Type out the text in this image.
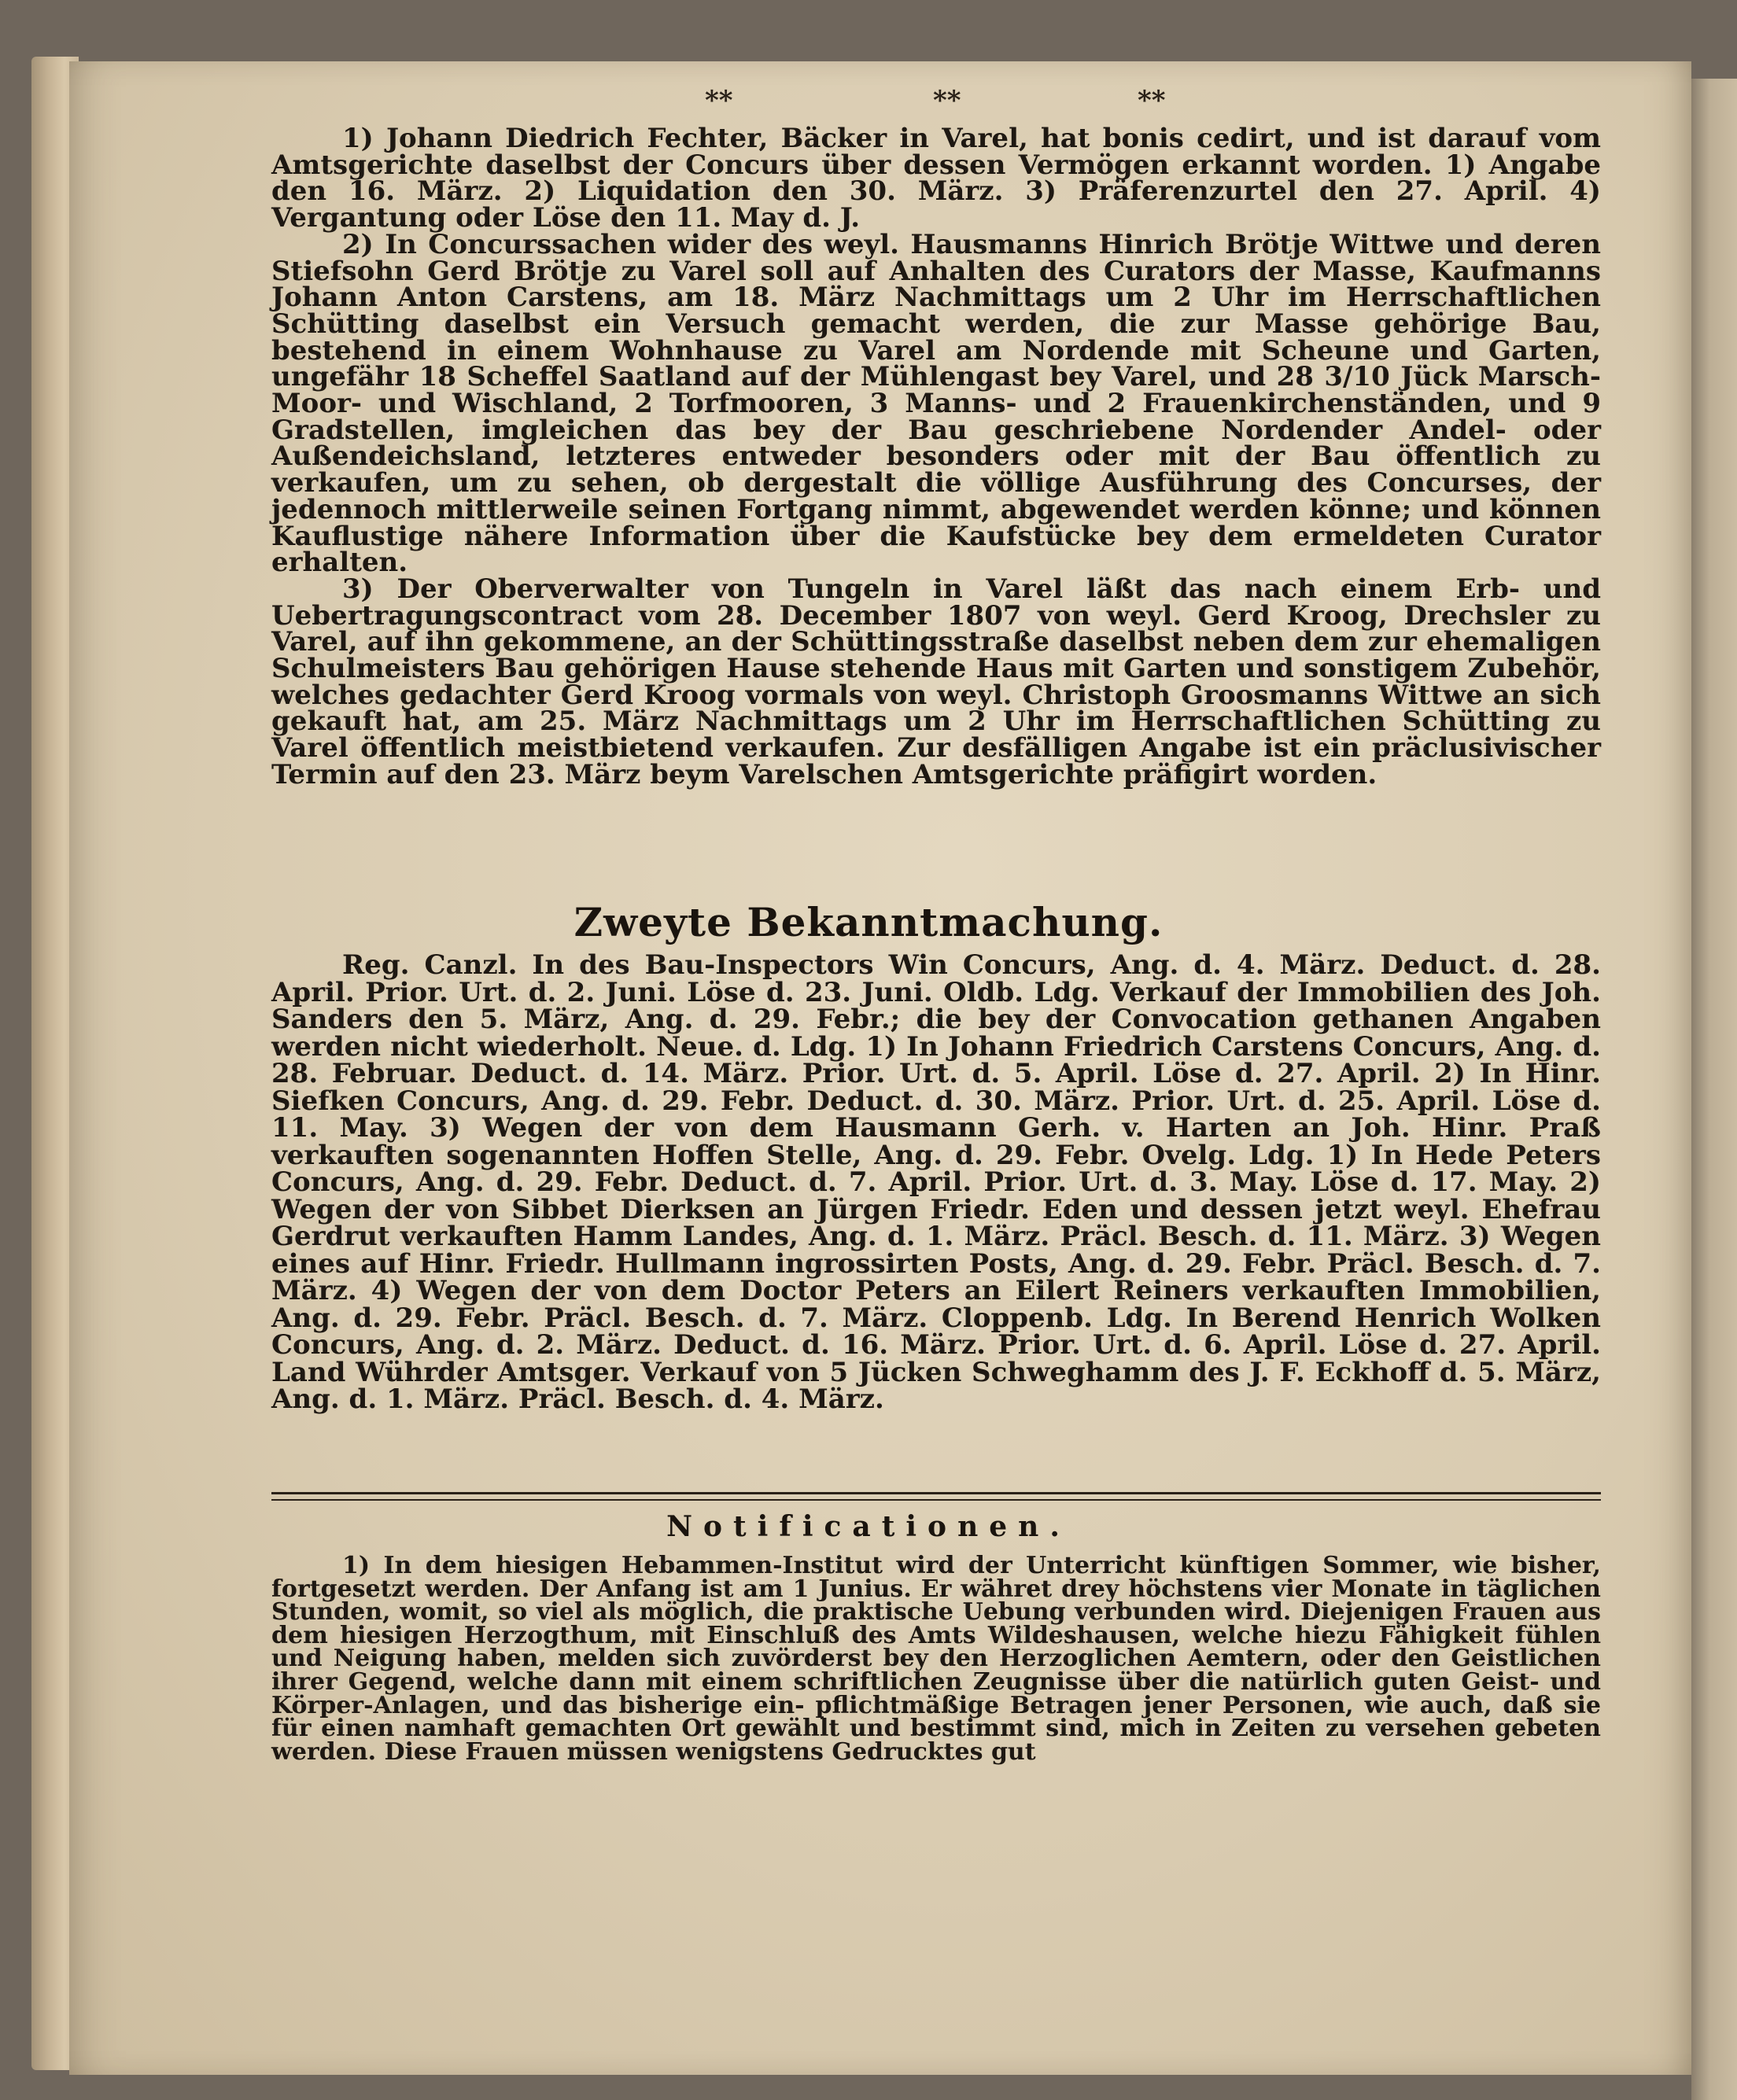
**	**	**

1) Johann Diedrich Fechter, Bäcker in Varel, hat bonis cedirt, und ist darauf vom Amtsgerichte daselbst der Concurs über dessen Vermögen erkannt worden. 1) Angabe den 16. März. 2) Liquidation den 30. März. 3) Präferenzurtel den 27. April. 4) Vergantung oder Löse den 11. May d. J.

2) In Concurssachen wider des weyl. Hausmanns Hinrich Brötje Wittwe und deren Stiefsohn Gerd Brötje zu Varel soll auf Anhalten des Curators der Masse, Kaufmanns Johann Anton Carstens, am 18. März Nachmittags um 2 Uhr im Herrschaftlichen Schütting daselbst ein Versuch gemacht werden, die zur Masse gehörige Bau, bestehend in einem Wohnhause zu Varel am Nordende mit Scheune und Garten, ungefähr 18 Scheffel Saatland auf der Mühlengast bey Varel, und 28 3/10 Jück Marsch- Moor- und Wischland, 2 Torfmooren, 3 Manns- und 2 Frauenkirchenständen, und 9 Gradstellen, imgleichen das bey der Bau geschriebene Nordender Andel- oder Außendeichsland, letzteres entweder besonders oder mit der Bau öffentlich zu verkaufen, um zu sehen, ob dergestalt die völlige Ausführung des Concurses, der jedennoch mittlerweile seinen Fortgang nimmt, abgewendet werden könne; und können Kauflustige nähere Information über die Kaufstücke bey dem ermeldeten Curator erhalten.

3) Der Oberverwalter von Tungeln in Varel läßt das nach einem Erb- und Uebertragungscontract vom 28. December 1807 von weyl. Gerd Kroog, Drechsler zu Varel, auf ihn gekommene, an der Schüttingsstraße daselbst neben dem zur ehemaligen Schulmeisters Bau gehörigen Hause stehende Haus mit Garten und sonstigem Zubehör, welches gedachter Gerd Kroog vormals von weyl. Christoph Groosmanns Wittwe an sich gekauft hat, am 25. März Nachmittags um 2 Uhr im Herrschaftlichen Schütting zu Varel öffentlich meistbietend verkaufen. Zur desfälligen Angabe ist ein präclusivischer Termin auf den 23. März beym Varelschen Amtsgerichte präfigirt worden.

Zweyte Bekanntmachung.

Reg. Canzl. In des Bau-Inspectors Win Concurs, Ang. d. 4. März. Deduct. d. 28. April. Prior. Urt. d. 2. Juni. Löse d. 23. Juni. Oldb. Ldg. Verkauf der Immobilien des Joh. Sanders den 5. März, Ang. d. 29. Febr.; die bey der Convocation gethanen Angaben werden nicht wiederholt. Neue. d. Ldg. 1) In Johann Friedrich Carstens Concurs, Ang. d. 28. Februar. Deduct. d. 14. März. Prior. Urt. d. 5. April. Löse d. 27. April. 2) In Hinr. Siefken Concurs, Ang. d. 29. Febr. Deduct. d. 30. März. Prior. Urt. d. 25. April. Löse d. 11. May. 3) Wegen der von dem Hausmann Gerh. v. Harten an Joh. Hinr. Praß verkauften sogenannten Hoffen Stelle, Ang. d. 29. Febr. Ovelg. Ldg. 1) In Hede Peters Concurs, Ang. d. 29. Febr. Deduct. d. 7. April. Prior. Urt. d. 3. May. Löse d. 17. May. 2) Wegen der von Sibbet Dierksen an Jürgen Friedr. Eden und dessen jetzt weyl. Ehefrau Gerdrut verkauften Hamm Landes, Ang. d. 1. März. Präcl. Besch. d. 11. März. 3) Wegen eines auf Hinr. Friedr. Hullmann ingrossirten Posts, Ang. d. 29. Febr. Präcl. Besch. d. 7. März. 4) Wegen der von dem Doctor Peters an Eilert Reiners verkauften Immobilien, Ang. d. 29. Febr. Präcl. Besch. d. 7. März. Cloppenb. Ldg. In Berend Henrich Wolken Concurs, Ang. d. 2. März. Deduct. d. 16. März. Prior. Urt. d. 6. April. Löse d. 27. April. Land Wührder Amtsger. Verkauf von 5 Jücken Schweghamm des J. F. Eckhoff d. 5. März, Ang. d. 1. März. Präcl. Besch. d. 4. März.

Notificationen.

1) In dem hiesigen Hebammen-Institut wird der Unterricht künftigen Sommer, wie bisher, fortgesetzt werden. Der Anfang ist am 1 Junius. Er währet drey höchstens vier Monate in täglichen Stunden, womit, so viel als möglich, die praktische Uebung verbunden wird. Diejenigen Frauen aus dem hiesigen Herzogthum, mit Einschluß des Amts Wildeshausen, welche hiezu Fähigkeit fühlen und Neigung haben, melden sich zuvörderst bey den Herzoglichen Aemtern, oder den Geistlichen ihrer Gegend, welche dann mit einem schriftlichen Zeugnisse über die natürlich guten Geist- und Körper-Anlagen, und das bisherige ein- pflichtmäßige Betragen jener Personen, wie auch, daß sie für einen namhaft gemachten Ort gewählt und bestimmt sind, mich in Zeiten zu versehen gebeten werden. Diese Frauen müssen wenigstens Gedrucktes gut
